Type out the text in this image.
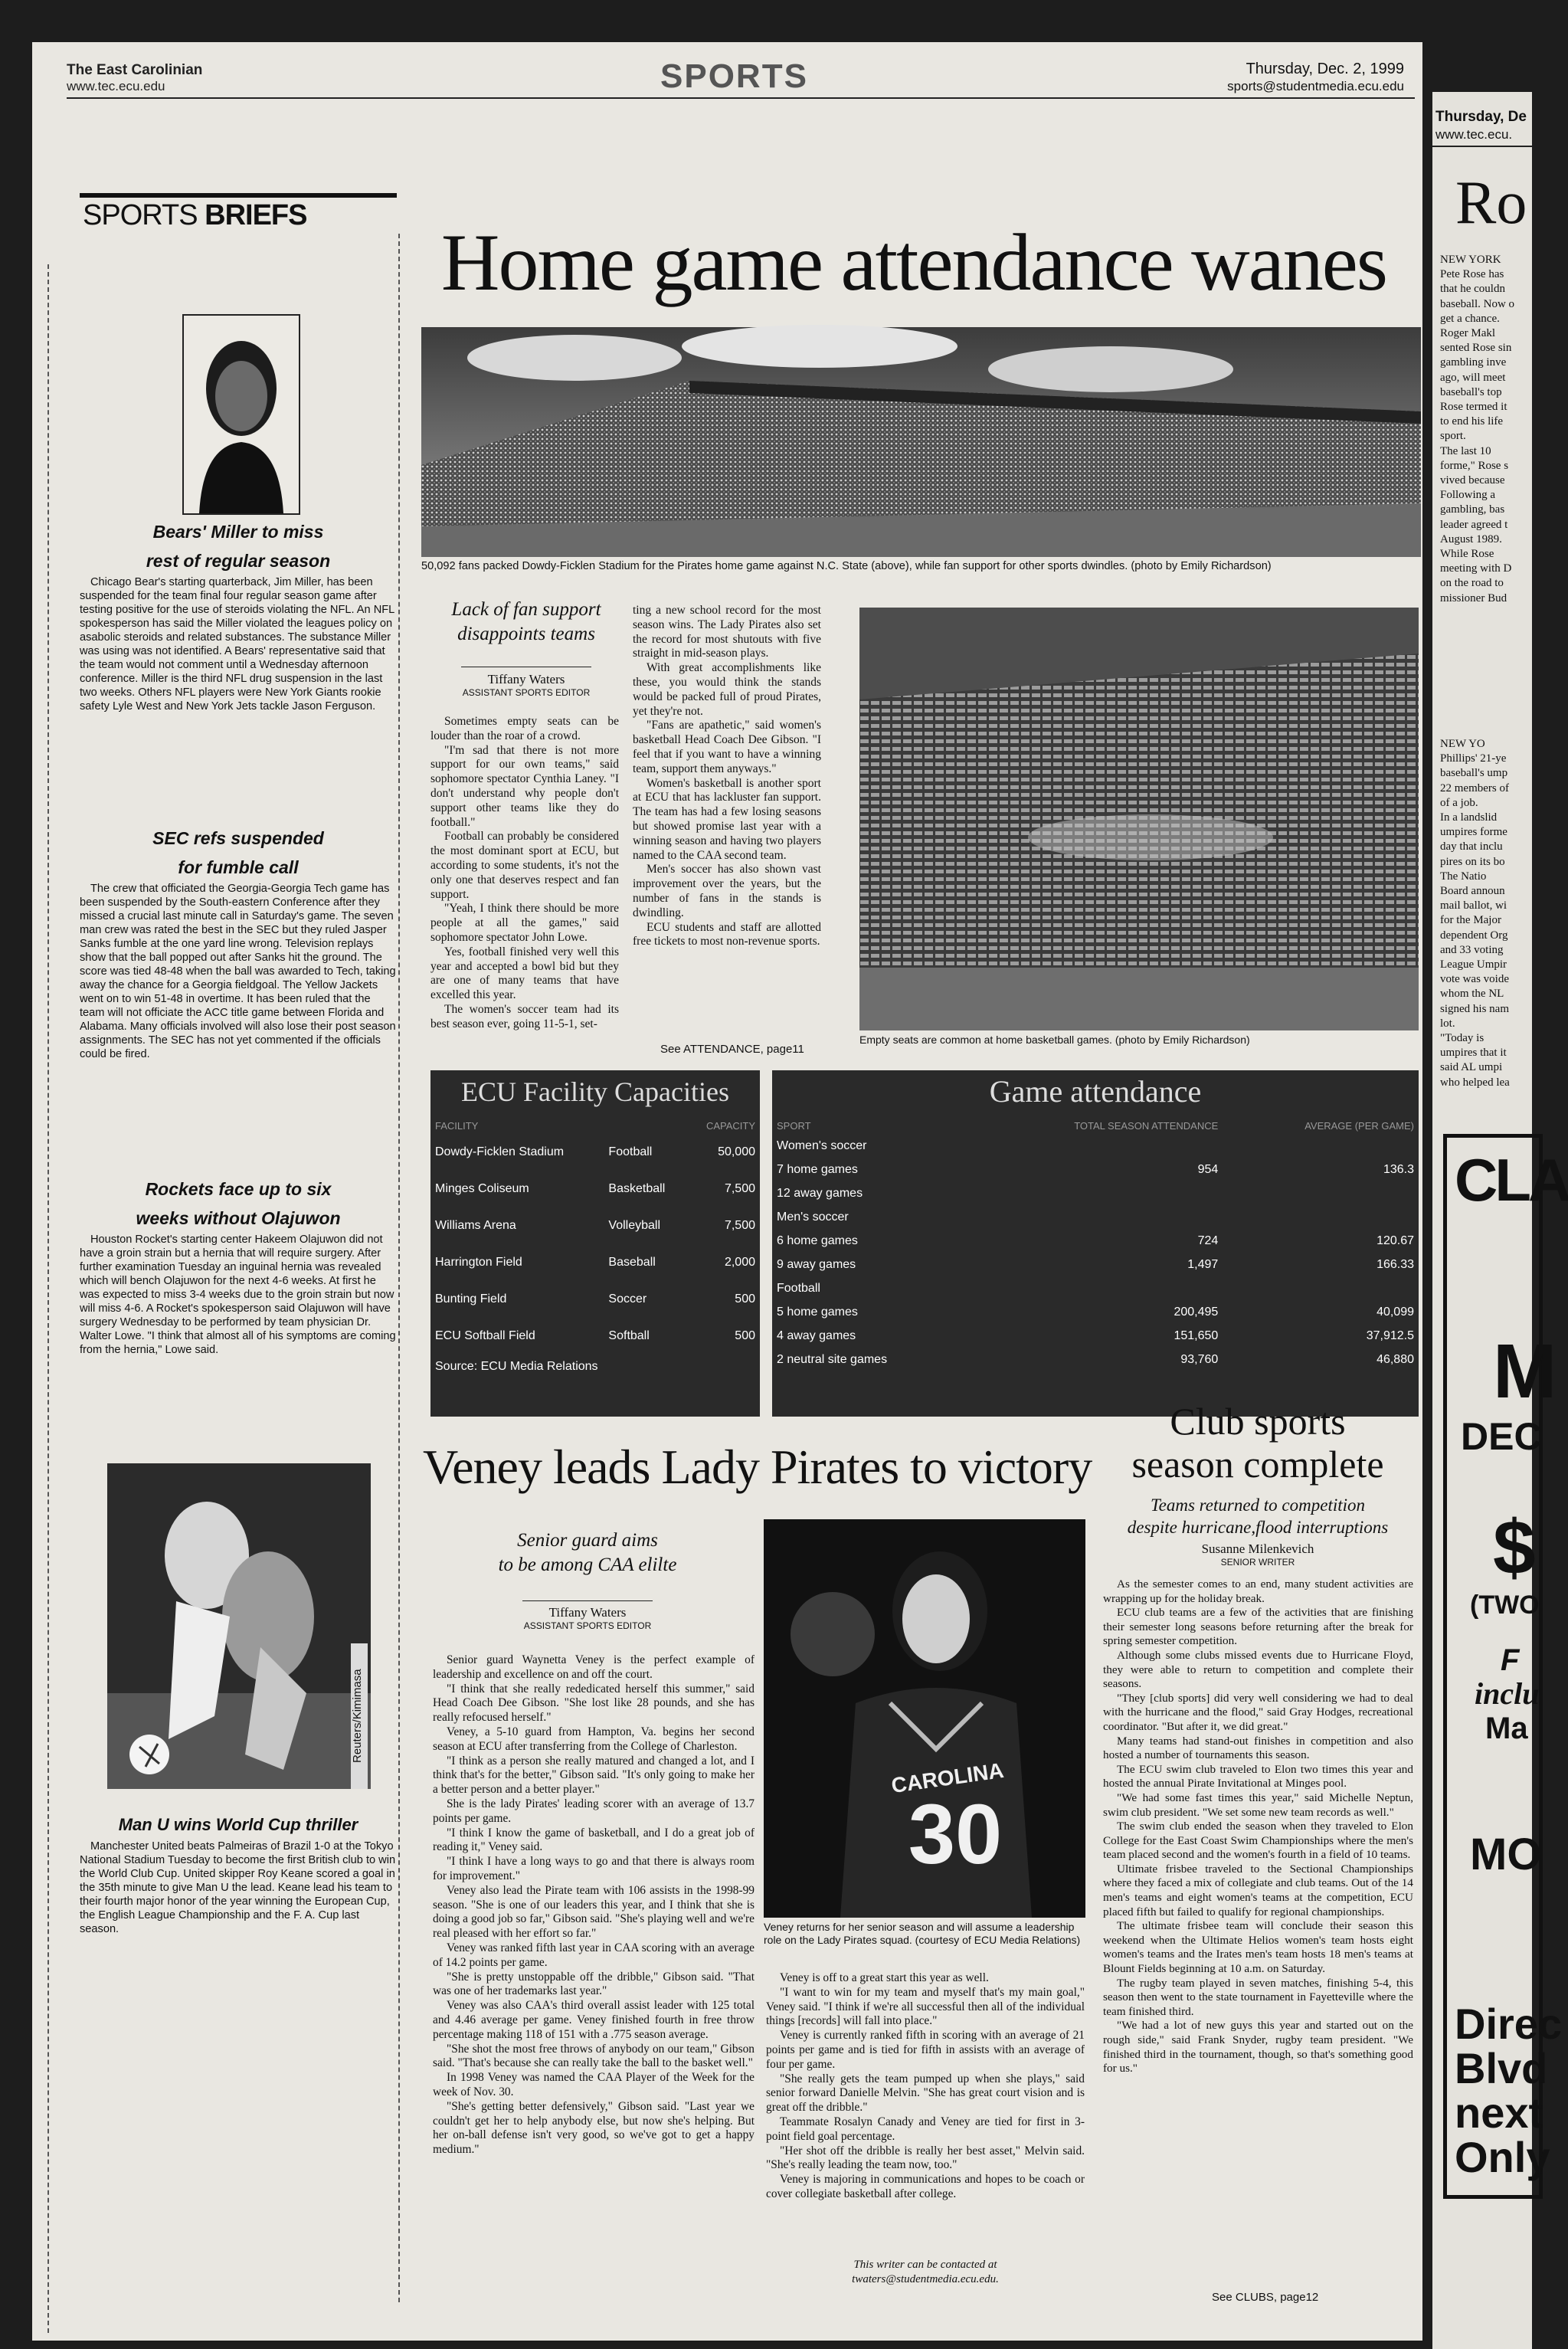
The East Carolinian
www.tec.ecu.edu	SPORTS	Thursday, Dec. 2, 1999
sports@studentmedia.ecu.edu
SPORTS BRIEFS
Bears' Miller to miss
rest of regular season

Chicago Bear's starting quarterback, Jim Miller, has been suspended for the team final four regular season game after testing positive for the use of steroids violating the NFL. An NFL spokesperson has said the Miller violated the leagues policy on asabolic steroids and related substances. The substance Miller was using was not identified. A Bears' representative said that the team would not comment until a Wednesday afternoon conference. Miller is the third NFL drug suspension in the last two weeks. Others NFL players were New York Giants rookie safety Lyle West and New York Jets tackle Jason Ferguson.

SEC refs suspended
for fumble call

The crew that officiated the Georgia-Georgia Tech game has been suspended by the South-eastern Conference after they missed a crucial last minute call in Saturday's game. The seven man crew was rated the best in the SEC but they ruled Jasper Sanks fumble at the one yard line wrong. Television replays show that the ball popped out after Sanks hit the ground. The score was tied 48-48 when the ball was awarded to Tech, taking away the chance for a Georgia fieldgoal. The Yellow Jackets went on to win 51-48 in overtime. It has been ruled that the team will not officiate the ACC title game between Florida and Alabama. Many officials involved will also lose their post season assignments. The SEC has not yet commented if the officials could be fired.

Rockets face up to six
weeks without Olajuwon

Houston Rocket's starting center Hakeem Olajuwon did not have a groin strain but a hernia that will require surgery. After further examination Tuesday an inguinal hernia was revealed which will bench Olajuwon for the next 4-6 weeks. At first he was expected to miss 3-4 weeks due to the groin strain but now will miss 4-6. A Rocket's spokesperson said Olajuwon will have surgery Wednesday to be performed by team physician Dr. Walter Lowe. "I think that almost all of his symptoms are coming from the hernia," Lowe said.

Reuters/Kimimasa
Man U wins World Cup thriller

Manchester United beats Palmeiras of Brazil 1-0 at the Tokyo National Stadium Tuesday to become the first British club to win the World Club Cup. United skipper Roy Keane scored a goal in the 35th minute to give Man U the lead. Keane lead his team to their fourth major honor of the year winning the European Cup, the English League Championship and the F. A. Cup last season.

Home game attendance wanes
50,092 fans packed Dowdy-Ficklen Stadium for the Pirates home game against N.C. State (above), while fan support for other sports dwindles. (photo by Emily Richardson)
Lack of fan support disappoints teams
Tiffany Waters
ASSISTANT SPORTS EDITOR

Sometimes empty seats can be louder than the roar of a crowd.

"I'm sad that there is not more support for our own teams," said sophomore spectator Cynthia Laney. "I don't understand why people don't support other teams like they do football."

Football can probably be considered the most dominant sport at ECU, but according to some students, it's not the only one that deserves respect and fan support.

"Yeah, I think there should be more people at all the games," said sophomore spectator John Lowe.

Yes, football finished very well this year and accepted a bowl bid but they are one of many teams that have excelled this year.

The women's soccer team had its best season ever, going 11-5-1, set-

ting a new school record for the most season wins. The Lady Pirates also set the record for most shutouts with five straight in mid-season plays.

With great accomplishments like these, you would think the stands would be packed full of proud Pirates, yet they're not.

"Fans are apathetic," said women's basketball Head Coach Dee Gibson. "I feel that if you want to have a winning team, support them anyways."

Women's basketball is another sport at ECU that has lackluster fan support. The team has had a few losing seasons but showed promise last year with a winning season and having two players named to the CAA second team.

Men's soccer has also shown vast improvement over the years, but the number of fans in the stands is dwindling.

ECU students and staff are allotted free tickets to most non-revenue sports.

See ATTENDANCE, page11
Empty seats are common at home basketball games. (photo by Emily Richardson)
ECU Facility Capacities
FACILITY		CAPACITY
Dowdy-Ficklen Stadium	Football	50,000
Minges Coliseum	Basketball	7,500
Williams Arena	Volleyball	7,500
Harrington Field	Baseball	2,000
Bunting Field	Soccer	500
ECU Softball Field	Softball	500
Source: ECU Media Relations		
Game attendance
SPORT	TOTAL SEASON ATTENDANCE	AVERAGE (PER GAME)
Women's soccer		
7 home games	954	136.3
12 away games		
Men's soccer		
6 home games	724	120.67
9 away games	1,497	166.33
Football		
5 home games	200,495	40,099
4 away games	151,650	37,912.5
2 neutral site games	93,760	46,880
Veney leads Lady Pirates to victory
Senior guard aims
to be among CAA elilte
Tiffany Waters
ASSISTANT SPORTS EDITOR

Senior guard Waynetta Veney is the perfect example of leadership and excellence on and off the court.

"I think that she really rededicated herself this summer," said Head Coach Dee Gibson. "She lost like 28 pounds, and she has really refocused herself."

Veney, a 5-10 guard from Hampton, Va. begins her second season at ECU after transferring from the College of Charleston.

"I think as a person she really matured and changed a lot, and I think that's for the better," Gibson said. "It's only going to make her a better person and a better player."

She is the lady Pirates' leading scorer with an average of 13.7 points per game.

"I think I know the game of basketball, and I do a great job of reading it," Veney said.

"I think I have a long ways to go and that there is always room for improvement."

Veney also lead the Pirate team with 106 assists in the 1998-99 season. "She is one of our leaders this year, and I think that she is doing a good job so far," Gibson said. "She's playing well and we're real pleased with her effort so far."

Veney was ranked fifth last year in CAA scoring with an average of 14.2 points per game.

"She is pretty unstoppable off the dribble," Gibson said. "That was one of her trademarks last year."

Veney was also CAA's third overall assist leader with 125 total and 4.46 average per game. Veney finished fourth in free throw percentage making 118 of 151 with a .775 season average.

"She shot the most free throws of anybody on our team," Gibson said. "That's because she can really take the ball to the basket well."

In 1998 Veney was named the CAA Player of the Week for the week of Nov. 30.

"She's getting better defensively," Gibson said. "Last year we couldn't get her to help anybody else, but now she's helping. But her on-ball defense isn't very good, so we've got to get a happy medium."

CAROLINA
30
Veney returns for her senior season and will assume a leadership role on the Lady Pirates squad. (courtesy of ECU Media Relations)

Veney is off to a great start this year as well.

"I want to win for my team and myself that's my main goal," Veney said. "I think if we're all successful then all of the individual things [records] will fall into place."

Veney is currently ranked fifth in scoring with an average of 21 points per game and is tied for fifth in assists with an average of four per game.

"She really gets the team pumped up when she plays," said senior forward Danielle Melvin. "She has great court vision and is great off the dribble."

Teammate Rosalyn Canady and Veney are tied for first in 3-point field goal percentage.

"Her shot off the dribble is really her best asset," Melvin said. "She's really leading the team now, too."

Veney is majoring in communications and hopes to be coach or cover collegiate basketball after college.

This writer can be contacted at
twaters@studentmedia.ecu.edu.
Club sports
season complete
Teams returned to competition
despite hurricane,flood interruptions
Susanne Milenkevich
SENIOR WRITER

As the semester comes to an end, many student activities are wrapping up for the holiday break.

ECU club teams are a few of the activities that are finishing their semester long seasons before returning after the break for spring semester competition.

Although some clubs missed events due to Hurricane Floyd, they were able to return to competition and complete their seasons.

"They [club sports] did very well considering we had to deal with the hurricane and the flood," said Gray Hodges, recreational coordinator. "But after it, we did great."

Many teams had stand-out finishes in competition and also hosted a number of tournaments this season.

The ECU swim club traveled to Elon two times this year and hosted the annual Pirate Invitational at Minges pool.

"We had some fast times this year," said Michelle Neptun, swim club president. "We set some new team records as well."

The swim club ended the season when they traveled to Elon College for the East Coast Swim Championships where the men's team placed second and the women's fourth in a field of 10 teams.

Ultimate frisbee traveled to the Sectional Championships where they faced a mix of collegiate and club teams. Out of the 14 men's teams and eight women's teams at the competition, ECU placed fifth but failed to qualify for regional championships.

The ultimate frisbee team will conclude their season this weekend when the Ultimate Helios women's team hosts eight women's teams and the Irates men's team hosts 18 men's teams at Blount Fields beginning at 10 a.m. on Saturday.

The rugby team played in seven matches, finishing 5-4, this season then went to the state tournament in Fayetteville where the team finished third.

"We had a lot of new guys this year and started out on the rough side," said Frank Snyder, rugby team president. "We finished third in the tournament, though, so that's something good for us."

See CLUBS, page12
Thursday, De
www.tec.ecu.
Ro
NEW YORK
Pete Rose has
that he couldn
baseball. Now o
get a chance.
Roger Makl
sented Rose sin
gambling inve
ago, will meet
baseball's top
Rose termed it
to end his life
sport.
The last 10
forme," Rose s
vived because
Following a
gambling, bas
leader agreed t
August 1989.
While Rose
meeting with D
on the road to
missioner Bud
NEW YO
Phillips' 21-ye
baseball's ump
22 members of
of a job.
In a landslid
umpires forme
day that inclu
pires on its bo
The Natio
Board announ
mail ballot, wi
for the Major
dependent Org
and 33 voting
League Umpir
vote was voide
whom the NL
signed his nam
lot.
"Today is
umpires that it
said AL umpi
who helped lea
CLA
M
DEC
$
(TWO
F
inclu
Ma
MO
Direc
Blvd
next
Only
